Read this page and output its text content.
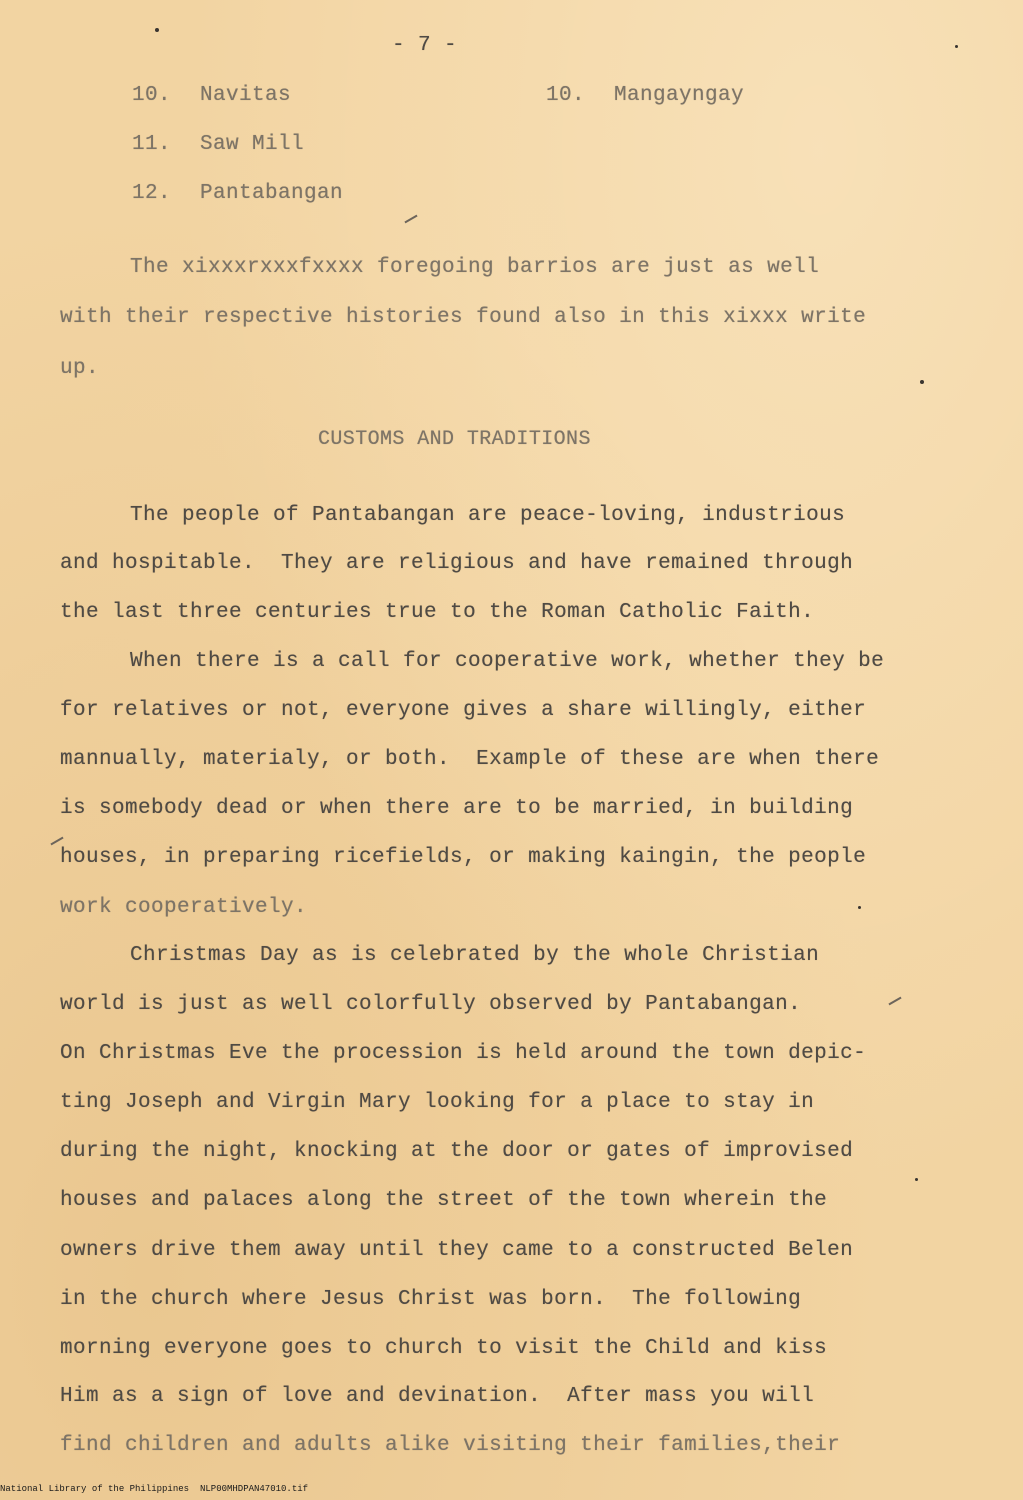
- 7 -
10. Navitas	10. Mangayngay
11. Saw Mill
12. Pantabangan
The xixxxrxxxfxxxx foregoing barrios are just as well
with their respective histories found also in this xixxx write
up.
CUSTOMS AND TRADITIONS
The people of Pantabangan are peace-loving, industrious
and hospitable.  They are religious and have remained through
the last three centuries true to the Roman Catholic Faith.
When there is a call for cooperative work, whether they be
for relatives or not, everyone gives a share willingly, either
mannually, materialy, or both.  Example of these are when there
is somebody dead or when there are to be married, in building
houses, in preparing ricefields, or making kaingin, the people
work cooperatively.
Christmas Day as is celebrated by the whole Christian
world is just as well colorfully observed by Pantabangan.
On Christmas Eve the procession is held around the town depic-
ting Joseph and Virgin Mary looking for a place to stay in
during the night, knocking at the door or gates of improvised
houses and palaces along the street of the town wherein the
owners drive them away until they came to a constructed Belen
in the church where Jesus Christ was born.  The following
morning everyone goes to church to visit the Child and kiss
Him as a sign of love and devination.  After mass you will
find children and adults alike visiting their families,their
National Library of the Philippines NLP00MHDPAN47010.tif
